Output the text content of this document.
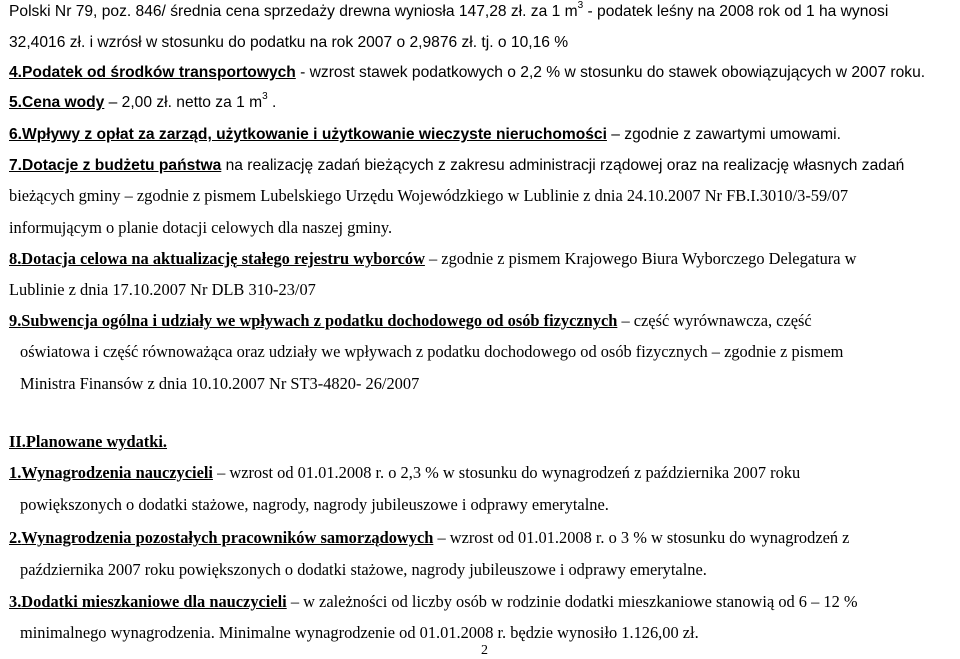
Polski Nr 79, poz. 846/ średnia cena sprzedaży drewna wyniosła 147,28 zł. za 1 $m^3$ - podatek leśny na 2008 rok od 1 ha wynosi
32,4016 zł. i wzrósł w stosunku do podatku na rok 2007 o 2,9876 zł. tj. o 10,16 %
4.Podatek od środków transportowych - wzrost stawek podatkowych o 2,2 % w stosunku do stawek obowiązujących w 2007 roku.
5.Cena wody – 2,00 zł. netto za 1 $m^3$ .
6.Wpływy z opłat za zarząd, użytkowanie i użytkowanie wieczyste nieruchomości – zgodnie z zawartymi umowami.
7.Dotacje z budżetu państwa na realizację zadań bieżących z zakresu administracji rządowej oraz na realizację własnych zadań
bieżących gminy – zgodnie z pismem Lubelskiego Urzędu Wojewódzkiego w Lublinie z dnia 24.10.2007 Nr FB.I.3010/3-59/07
informującym o planie dotacji celowych dla naszej gminy.
8.Dotacja celowa na aktualizację stałego rejestru wyborców – zgodnie z pismem Krajowego Biura Wyborczego Delegatura w
Lublinie z dnia 17.10.2007 Nr DLB 310-23/07
9.Subwencja ogólna i udziały we wpływach z podatku dochodowego od osób fizycznych – część wyrównawcza, część
oświatowa i część równoważąca oraz udziały we wpływach z podatku dochodowego od osób fizycznych – zgodnie z pismem
Ministra Finansów z dnia 10.10.2007 Nr ST3-4820- 26/2007
II.Planowane wydatki.
1.Wynagrodzenia nauczycieli – wzrost od 01.01.2008 r. o 2,3 % w stosunku do wynagrodzeń z października 2007 roku
powiększonych o dodatki stażowe, nagrody, nagrody jubileuszowe i odprawy emerytalne.
2.Wynagrodzenia pozostałych pracowników samorządowych – wzrost od 01.01.2008 r. o 3 % w stosunku do wynagrodzeń z
października 2007 roku powiększonych o dodatki stażowe, nagrody jubileuszowe i odprawy emerytalne.
3.Dodatki mieszkaniowe dla nauczycieli – w zależności od liczby osób w rodzinie dodatki mieszkaniowe stanowią od 6 – 12 %
minimalnego wynagrodzenia. Minimalne wynagrodzenie od 01.01.2008 r. będzie wynosiło 1.126,00 zł.
2
